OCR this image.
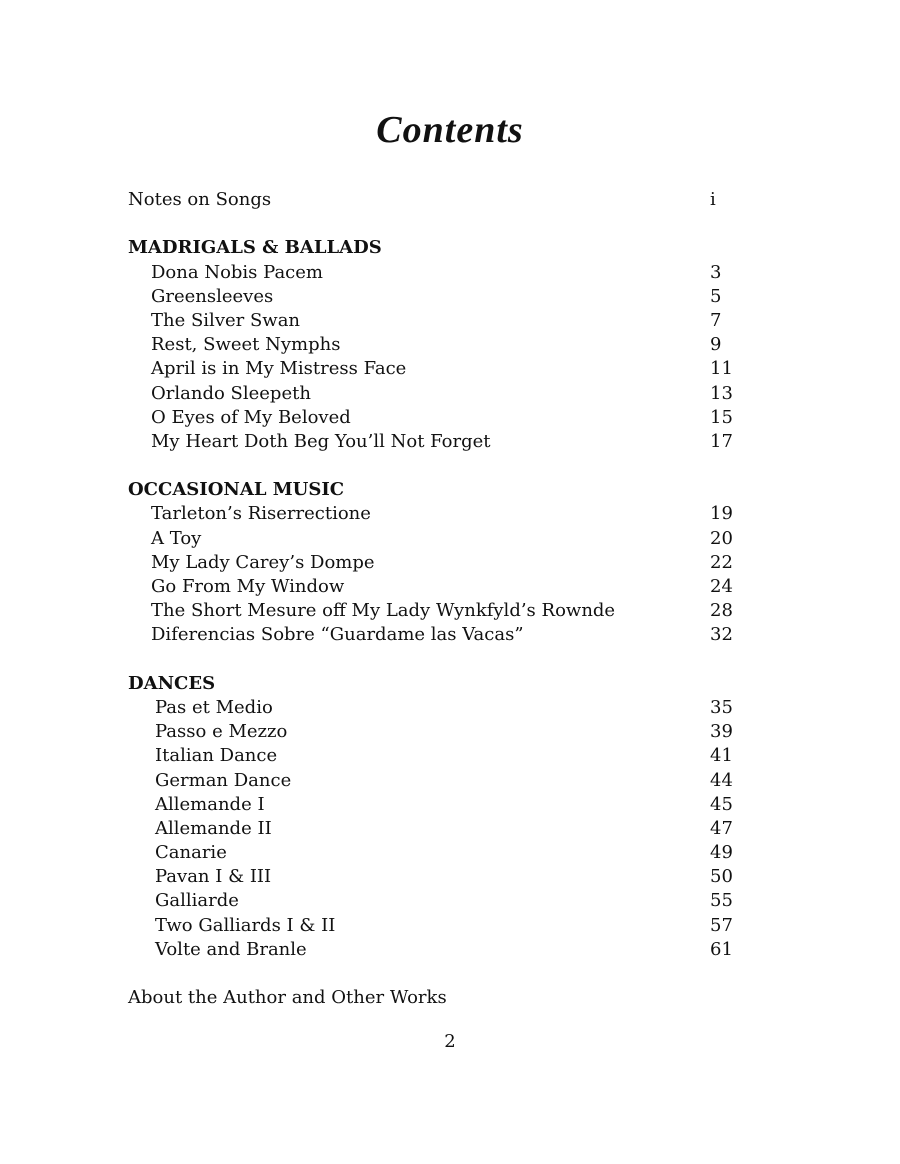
Contents
Notes on Songs	i
MADRIGALS & BALLADS
Dona Nobis Pacem	3
Greensleeves	5
The Silver Swan	7
Rest, Sweet Nymphs	9
April is in My Mistress Face	11
Orlando Sleepeth	13
O Eyes of My Beloved	15
My Heart Doth Beg You’ll Not Forget	17
OCCASIONAL MUSIC
Tarleton’s Riserrectione	19
A Toy	20
My Lady Carey’s Dompe	22
Go From My Window	24
The Short Mesure off My Lady Wynkfyld’s Rownde	28
Diferencias Sobre “Guardame las Vacas”	32
DANCES
Pas et Medio	35
Passo e Mezzo	39
Italian Dance	41
German Dance	44
Allemande I	45
Allemande II	47
Canarie	49
Pavan I & III	50
Galliarde	55
Two Galliards I & II	57
Volte and Branle	61
About the Author and Other Works
2
